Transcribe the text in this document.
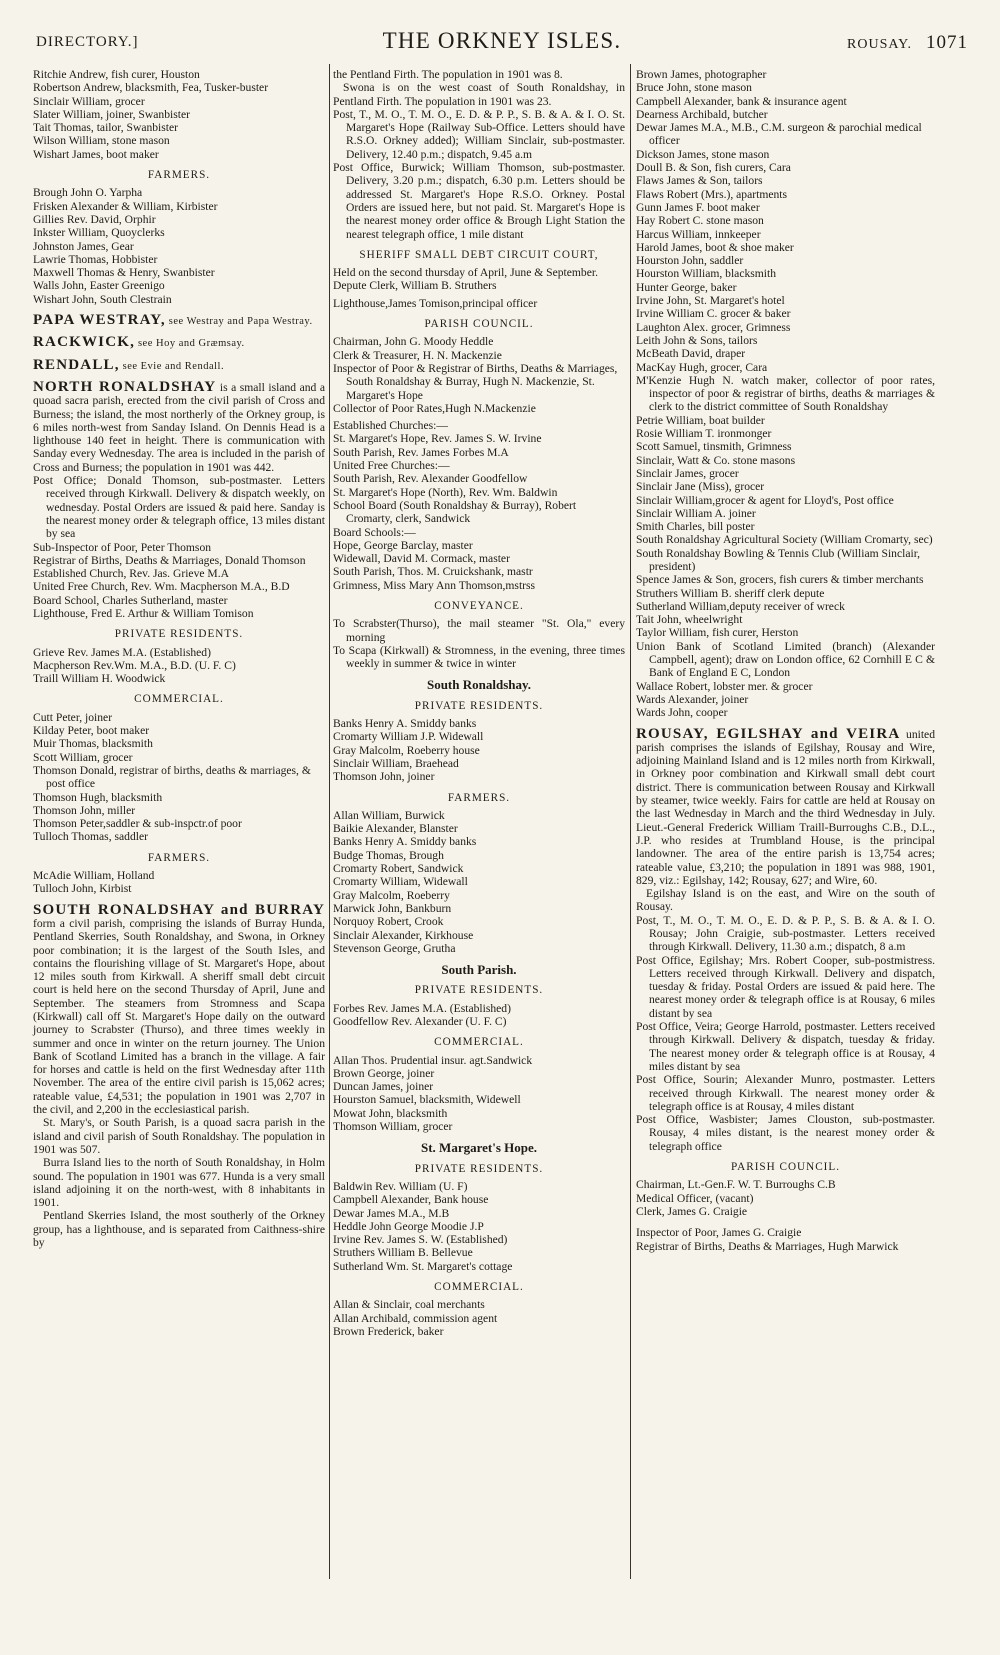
DIRECTORY.]	THE ORKNEY ISLES.	ROUSAY. 1071

Ritchie Andrew, fish curer, Houston

Robertson Andrew, blacksmith, Fea, Tusker-buster

Sinclair William, grocer

Slater William, joiner, Swanbister

Tait Thomas, tailor, Swanbister

Wilson William, stone mason

Wishart James, boot maker

FARMERS.

Brough John O. Yarpha

Frisken Alexander & William, Kirbister

Gillies Rev. David, Orphir

Inkster William, Quoyclerks

Johnston James, Gear

Lawrie Thomas, Hobbister

Maxwell Thomas & Henry, Swanbister

Walls John, Easter Greenigo

Wishart John, South Clestrain

PAPA WESTRAY, see Westray and Papa Westray.

RACKWICK, see Hoy and Græmsay.

RENDALL, see Evie and Rendall.

NORTH RONALDSHAY is a small island and a quoad sacra parish, erected from the civil parish of Cross and Burness; the island, the most northerly of the Orkney group, is 6 miles north-west from Sanday Island. On Dennis Head is a lighthouse 140 feet in height. There is communication with Sanday every Wednesday. The area is included in the parish of Cross and Burness; the population in 1901 was 442.

Post Office; Donald Thomson, sub-postmaster. Letters received through Kirkwall. Delivery & dispatch weekly, on wednesday. Postal Orders are issued & paid here. Sanday is the nearest money order & telegraph office, 13 miles distant by sea

Sub-Inspector of Poor, Peter Thomson

Registrar of Births, Deaths & Marriages, Donald Thomson

Established Church, Rev. Jas. Grieve M.A

United Free Church, Rev. Wm. Macpherson M.A., B.D

Board School, Charles Sutherland, master

Lighthouse, Fred E. Arthur & William Tomison

PRIVATE RESIDENTS.

Grieve Rev. James M.A. (Established)

Macpherson Rev.Wm. M.A., B.D. (U. F. C)

Traill William H. Woodwick

COMMERCIAL.

Cutt Peter, joiner

Kilday Peter, boot maker

Muir Thomas, blacksmith

Scott William, grocer

Thomson Donald, registrar of births, deaths & marriages, & post office

Thomson Hugh, blacksmith

Thomson John, miller

Thomson Peter,saddler & sub-inspctr.of poor

Tulloch Thomas, saddler

FARMERS.

McAdie William, Holland

Tulloch John, Kirbist

SOUTH RONALDSHAY and BURRAY form a civil parish, comprising the islands of Burray Hunda, Pentland Skerries, South Ronaldshay, and Swona, in Orkney poor combination; it is the largest of the South Isles, and contains the flourishing village of St. Margaret's Hope, about 12 miles south from Kirkwall. A sheriff small debt circuit court is held here on the second Thursday of April, June and September. The steamers from Stromness and Scapa (Kirkwall) call off St. Margaret's Hope daily on the outward journey to Scrabster (Thurso), and three times weekly in summer and once in winter on the return journey. The Union Bank of Scotland Limited has a branch in the village. A fair for horses and cattle is held on the first Wednesday after 11th November. The area of the entire civil parish is 15,062 acres; rateable value, £4,531; the population in 1901 was 2,707 in the civil, and 2,200 in the ecclesiastical parish.

St. Mary's, or South Parish, is a quoad sacra parish in the island and civil parish of South Ronaldshay. The population in 1901 was 507.

Burra Island lies to the north of South Ronaldshay, in Holm sound. The population in 1901 was 677. Hunda is a very small island adjoining it on the north-west, with 8 inhabitants in 1901.

Pentland Skerries Island, the most southerly of the Orkney group, has a lighthouse, and is separated from Caithness-shire by

the Pentland Firth. The population in 1901 was 8.

Swona is on the west coast of South Ronaldshay, in Pentland Firth. The population in 1901 was 23.

Post, T., M. O., T. M. O., E. D. & P. P., S. B. & A. & I. O. St. Margaret's Hope (Railway Sub-Office. Letters should have R.S.O. Orkney added); William Sinclair, sub-postmaster. Delivery, 12.40 p.m.; dispatch, 9.45 a.m

Post Office, Burwick; William Thomson, sub-postmaster. Delivery, 3.20 p.m.; dispatch, 6.30 p.m. Letters should be addressed St. Margaret's Hope R.S.O. Orkney. Postal Orders are issued here, but not paid. St. Margaret's Hope is the nearest money order office & Brough Light Station the nearest telegraph office, 1 mile distant

SHERIFF SMALL DEBT CIRCUIT COURT,

Held on the second thursday of April, June & September.

Depute Clerk, William B. Struthers

Lighthouse,James Tomison,principal officer

PARISH COUNCIL.

Chairman, John G. Moody Heddle

Clerk & Treasurer, H. N. Mackenzie

Inspector of Poor & Registrar of Births, Deaths & Marriages, South Ronaldshay & Burray, Hugh N. Mackenzie, St. Margaret's Hope

Collector of Poor Rates,Hugh N.Mackenzie

Established Churches:—

St. Margaret's Hope, Rev. James S. W. Irvine

South Parish, Rev. James Forbes M.A

United Free Churches:—

South Parish, Rev. Alexander Goodfellow

St. Margaret's Hope (North), Rev. Wm. Baldwin

School Board (South Ronaldshay & Burray), Robert Cromarty, clerk, Sandwick

Board Schools:—

Hope, George Barclay, master

Widewall, David M. Cormack, master

South Parish, Thos. M. Cruickshank, mastr

Grimness, Miss Mary Ann Thomson,mstrss

CONVEYANCE.

To Scrabster(Thurso), the mail steamer "St. Ola," every morning

To Scapa (Kirkwall) & Stromness, in the evening, three times weekly in summer & twice in winter

South Ronaldshay.

PRIVATE RESIDENTS.

Banks Henry A. Smiddy banks

Cromarty William J.P. Widewall

Gray Malcolm, Roeberry house

Sinclair William, Braehead

Thomson John, joiner

FARMERS.

Allan William, Burwick

Baikie Alexander, Blanster

Banks Henry A. Smiddy banks

Budge Thomas, Brough

Cromarty Robert, Sandwick

Cromarty William, Widewall

Gray Malcolm, Roeberry

Marwick John, Bankburn

Norquoy Robert, Crook

Sinclair Alexander, Kirkhouse

Stevenson George, Grutha

South Parish.

PRIVATE RESIDENTS.

Forbes Rev. James M.A. (Established)

Goodfellow Rev. Alexander (U. F. C)

COMMERCIAL.

Allan Thos. Prudential insur. agt.Sandwick

Brown George, joiner

Duncan James, joiner

Hourston Samuel, blacksmith, Widewell

Mowat John, blacksmith

Thomson William, grocer

St. Margaret's Hope.

PRIVATE RESIDENTS.

Baldwin Rev. William (U. F)

Campbell Alexander, Bank house

Dewar James M.A., M.B

Heddle John George Moodie J.P

Irvine Rev. James S. W. (Established)

Struthers William B. Bellevue

Sutherland Wm. St. Margaret's cottage

COMMERCIAL.

Allan & Sinclair, coal merchants

Allan Archibald, commission agent

Brown Frederick, baker

Brown James, photographer

Bruce John, stone mason

Campbell Alexander, bank & insurance agent

Dearness Archibald, butcher

Dewar James M.A., M.B., C.M. surgeon & parochial medical officer

Dickson James, stone mason

Doull B. & Son, fish curers, Cara

Flaws James & Son, tailors

Flaws Robert (Mrs.), apartments

Gunn James F. boot maker

Hay Robert C. stone mason

Harcus William, innkeeper

Harold James, boot & shoe maker

Hourston John, saddler

Hourston William, blacksmith

Hunter George, baker

Irvine John, St. Margaret's hotel

Irvine William C. grocer & baker

Laughton Alex. grocer, Grimness

Leith John & Sons, tailors

McBeath David, draper

MacKay Hugh, grocer, Cara

M'Kenzie Hugh N. watch maker, collector of poor rates, inspector of poor & registrar of births, deaths & marriages & clerk to the district committee of South Ronaldshay

Petrie William, boat builder

Rosie William T. ironmonger

Scott Samuel, tinsmith, Grimness

Sinclair, Watt & Co. stone masons

Sinclair James, grocer

Sinclair Jane (Miss), grocer

Sinclair William,grocer & agent for Lloyd's, Post office

Sinclair William A. joiner

Smith Charles, bill poster

South Ronaldshay Agricultural Society (William Cromarty, sec)

South Ronaldshay Bowling & Tennis Club (William Sinclair, president)

Spence James & Son, grocers, fish curers & timber merchants

Struthers William B. sheriff clerk depute

Sutherland William,deputy receiver of wreck

Tait John, wheelwright

Taylor William, fish curer, Herston

Union Bank of Scotland Limited (branch) (Alexander Campbell, agent); draw on London office, 62 Cornhill E C & Bank of England E C, London

Wallace Robert, lobster mer. & grocer

Wards Alexander, joiner

Wards John, cooper

ROUSAY, EGILSHAY and VEIRA united parish comprises the islands of Egilshay, Rousay and Wire, adjoining Mainland Island and is 12 miles north from Kirkwall, in Orkney poor combination and Kirkwall small debt court district. There is communication between Rousay and Kirkwall by steamer, twice weekly. Fairs for cattle are held at Rousay on the last Wednesday in March and the third Wednesday in July. Lieut.-General Frederick William Traill-Burroughs C.B., D.L., J.P. who resides at Trumbland House, is the principal landowner. The area of the entire parish is 13,754 acres; rateable value, £3,210; the population in 1891 was 988, 1901, 829, viz.: Egilshay, 142; Rousay, 627; and Wire, 60.

Egilshay Island is on the east, and Wire on the south of Rousay.

Post, T., M. O., T. M. O., E. D. & P. P., S. B. & A. & I. O. Rousay; John Craigie, sub-postmaster. Letters received through Kirkwall. Delivery, 11.30 a.m.; dispatch, 8 a.m

Post Office, Egilshay; Mrs. Robert Cooper, sub-postmistress. Letters received through Kirkwall. Delivery and dispatch, tuesday & friday. Postal Orders are issued & paid here. The nearest money order & telegraph office is at Rousay, 6 miles distant by sea

Post Office, Veira; George Harrold, postmaster. Letters received through Kirkwall. Delivery & dispatch, tuesday & friday. The nearest money order & telegraph office is at Rousay, 4 miles distant by sea

Post Office, Sourin; Alexander Munro, postmaster. Letters received through Kirkwall. The nearest money order & telegraph office is at Rousay, 4 miles distant

Post Office, Wasbister; James Clouston, sub-postmaster. Rousay, 4 miles distant, is the nearest money order & telegraph office

PARISH COUNCIL.

Chairman, Lt.-Gen.F. W. T. Burroughs C.B

Medical Officer, (vacant)

Clerk, James G. Craigie

Inspector of Poor, James G. Craigie

Registrar of Births, Deaths & Marriages, Hugh Marwick
